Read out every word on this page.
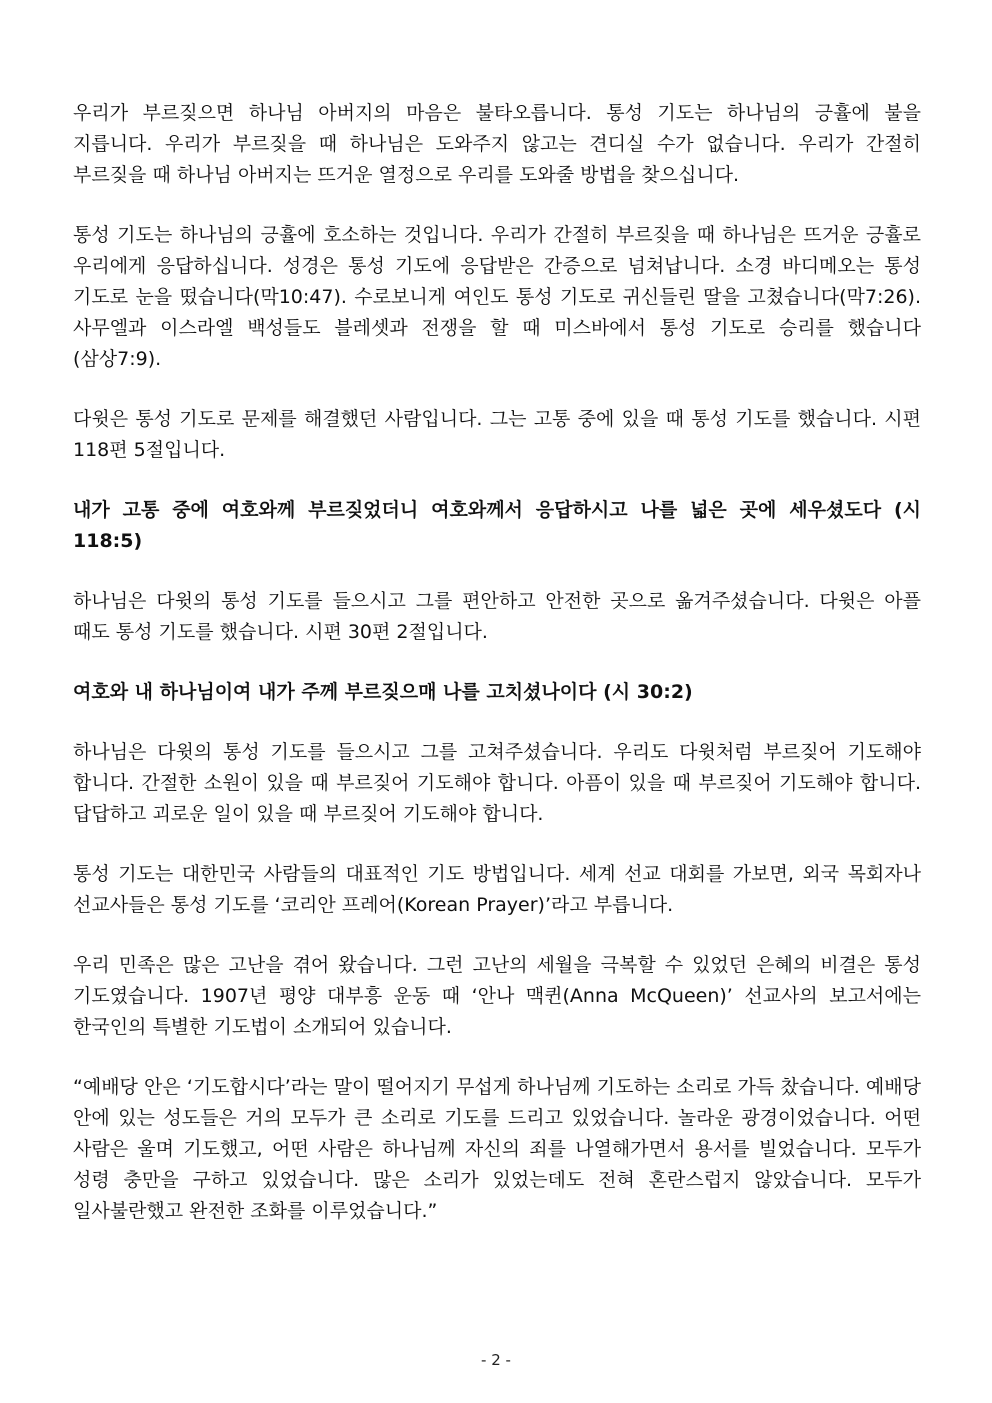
우리가 부르짖으면 하나님 아버지의 마음은 불타오릅니다. 통성 기도는 하나님의 긍휼에 불을 지릅니다. 우리가 부르짖을 때 하나님은 도와주지 않고는 견디실 수가 없습니다. 우리가 간절히 부르짖을 때 하나님 아버지는 뜨거운 열정으로 우리를 도와줄 방법을 찾으십니다.

통성 기도는 하나님의 긍휼에 호소하는 것입니다. 우리가 간절히 부르짖을 때 하나님은 뜨거운 긍휼로 우리에게 응답하십니다. 성경은 통성 기도에 응답받은 간증으로 넘쳐납니다. 소경 바디메오는 통성 기도로 눈을 떴습니다(막10:47). 수로보니게 여인도 통성 기도로 귀신들린 딸을 고쳤습니다(막7:26). 사무엘과 이스라엘 백성들도 블레셋과 전쟁을 할 때 미스바에서 통성 기도로 승리를 했습니다(삼상7:9).

다윗은 통성 기도로 문제를 해결했던 사람입니다. 그는 고통 중에 있을 때 통성 기도를 했습니다. 시편 118편 5절입니다.

내가 고통 중에 여호와께 부르짖었더니 여호와께서 응답하시고 나를 넓은 곳에 세우셨도다 (시 118:5)

하나님은 다윗의 통성 기도를 들으시고 그를 편안하고 안전한 곳으로 옮겨주셨습니다. 다윗은 아플 때도 통성 기도를 했습니다. 시편 30편 2절입니다.

여호와 내 하나님이여 내가 주께 부르짖으매 나를 고치셨나이다 (시 30:2)

하나님은 다윗의 통성 기도를 들으시고 그를 고쳐주셨습니다. 우리도 다윗처럼 부르짖어 기도해야 합니다. 간절한 소원이 있을 때 부르짖어 기도해야 합니다. 아픔이 있을 때 부르짖어 기도해야 합니다. 답답하고 괴로운 일이 있을 때 부르짖어 기도해야 합니다.

통성 기도는 대한민국 사람들의 대표적인 기도 방법입니다. 세계 선교 대회를 가보면, 외국 목회자나 선교사들은 통성 기도를 ‘코리안 프레어(Korean Prayer)’라고 부릅니다.

우리 민족은 많은 고난을 겪어 왔습니다. 그런 고난의 세월을 극복할 수 있었던 은혜의 비결은 통성 기도였습니다. 1907년 평양 대부흥 운동 때 ‘안나 맥퀸(Anna McQueen)’ 선교사의 보고서에는 한국인의 특별한 기도법이 소개되어 있습니다.

“예배당 안은 ‘기도합시다’라는 말이 떨어지기 무섭게 하나님께 기도하는 소리로 가득 찼습니다. 예배당 안에 있는 성도들은 거의 모두가 큰 소리로 기도를 드리고 있었습니다. 놀라운 광경이었습니다. 어떤 사람은 울며 기도했고, 어떤 사람은 하나님께 자신의 죄를 나열해가면서 용서를 빌었습니다. 모두가 성령 충만을 구하고 있었습니다. 많은 소리가 있었는데도 전혀 혼란스럽지 않았습니다. 모두가 일사불란했고 완전한 조화를 이루었습니다.”

- 2 -
